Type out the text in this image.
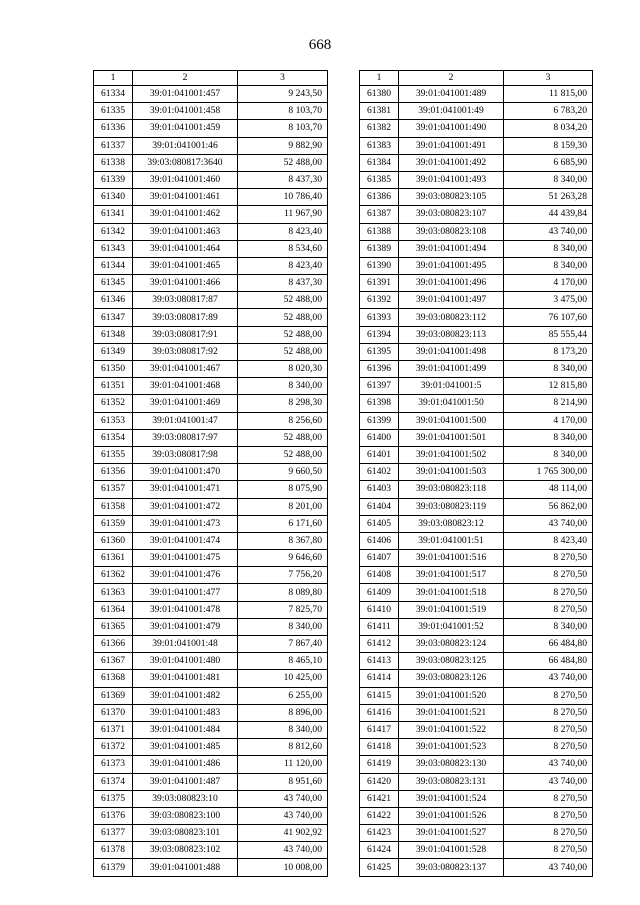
668
1	2	3
61334	39:01:041001:457	9 243,50
61335	39:01:041001:458	8 103,70
61336	39:01:041001:459	8 103,70
61337	39:01:041001:46	9 882,90
61338	39:03:080817:3640	52 488,00
61339	39:01:041001:460	8 437,30
61340	39:01:041001:461	10 786,40
61341	39:01:041001:462	11 967,90
61342	39:01:041001:463	8 423,40
61343	39:01:041001:464	8 534,60
61344	39:01:041001:465	8 423,40
61345	39:01:041001:466	8 437,30
61346	39:03:080817:87	52 488,00
61347	39:03:080817:89	52 488,00
61348	39:03:080817:91	52 488,00
61349	39:03:080817:92	52 488,00
61350	39:01:041001:467	8 020,30
61351	39:01:041001:468	8 340,00
61352	39:01:041001:469	8 298,30
61353	39:01:041001:47	8 256,60
61354	39:03:080817:97	52 488,00
61355	39:03:080817:98	52 488,00
61356	39:01:041001:470	9 660,50
61357	39:01:041001:471	8 075,90
61358	39:01:041001:472	8 201,00
61359	39:01:041001:473	6 171,60
61360	39:01:041001:474	8 367,80
61361	39:01:041001:475	9 646,60
61362	39:01:041001:476	7 756,20
61363	39:01:041001:477	8 089,80
61364	39:01:041001:478	7 825,70
61365	39:01:041001:479	8 340,00
61366	39:01:041001:48	7 867,40
61367	39:01:041001:480	8 465,10
61368	39:01:041001:481	10 425,00
61369	39:01:041001:482	6 255,00
61370	39:01:041001:483	8 896,00
61371	39:01:041001:484	8 340,00
61372	39:01:041001:485	8 812,60
61373	39:01:041001:486	11 120,00
61374	39:01:041001:487	8 951,60
61375	39:03:080823:10	43 740,00
61376	39:03:080823:100	43 740,00
61377	39:03:080823:101	41 902,92
61378	39:03:080823:102	43 740,00
61379	39:01:041001:488	10 008,00
1	2	3
61380	39:01:041001:489	11 815,00
61381	39:01:041001:49	6 783,20
61382	39:01:041001:490	8 034,20
61383	39:01:041001:491	8 159,30
61384	39:01:041001:492	6 685,90
61385	39:01:041001:493	8 340,00
61386	39:03:080823:105	51 263,28
61387	39:03:080823:107	44 439,84
61388	39:03:080823:108	43 740,00
61389	39:01:041001:494	8 340,00
61390	39:01:041001:495	8 340,00
61391	39:01:041001:496	4 170,00
61392	39:01:041001:497	3 475,00
61393	39:03:080823:112	76 107,60
61394	39:03:080823:113	85 555,44
61395	39:01:041001:498	8 173,20
61396	39:01:041001:499	8 340,00
61397	39:01:041001:5	12 815,80
61398	39:01:041001:50	8 214,90
61399	39:01:041001:500	4 170,00
61400	39:01:041001:501	8 340,00
61401	39:01:041001:502	8 340,00
61402	39:01:041001:503	1 765 300,00
61403	39:03:080823:118	48 114,00
61404	39:03:080823:119	56 862,00
61405	39:03:080823:12	43 740,00
61406	39:01:041001:51	8 423,40
61407	39:01:041001:516	8 270,50
61408	39:01:041001:517	8 270,50
61409	39:01:041001:518	8 270,50
61410	39:01:041001:519	8 270,50
61411	39:01:041001:52	8 340,00
61412	39:03:080823:124	66 484,80
61413	39:03:080823:125	66 484,80
61414	39:03:080823:126	43 740,00
61415	39:01:041001:520	8 270,50
61416	39:01:041001:521	8 270,50
61417	39:01:041001:522	8 270,50
61418	39:01:041001:523	8 270,50
61419	39:03:080823:130	43 740,00
61420	39:03:080823:131	43 740,00
61421	39:01:041001:524	8 270,50
61422	39:01:041001:526	8 270,50
61423	39:01:041001:527	8 270,50
61424	39:01:041001:528	8 270,50
61425	39:03:080823:137	43 740,00
